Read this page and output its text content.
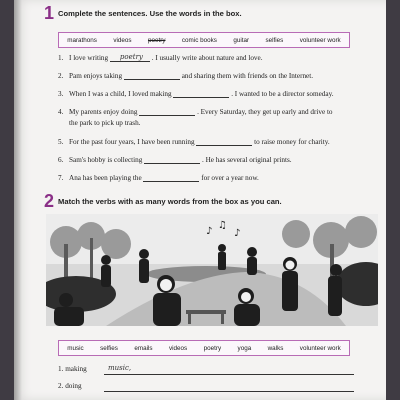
1 Complete the sentences. Use the words in the box.
marathons	videos	poetry	comic books	guitar	selfies	volunteer work
1. I love writing poetry . I usually write about nature and love.
2. Pam enjoys taking	and sharing them with friends on the Internet.
3. When I was a child, I loved making	. I wanted to be a director someday.
4. My parents enjoy doing	. Every Saturday, they get up early and drive to
the park to pick up trash.
5. For the past four years, I have been running	to raise money for charity.
6. Sam's hobby is collecting	. He has several original prints.
7. Ana has been playing the	for over a year now.
2 Match the verbs with as many words from the box as you can.
♪
♫
♪
music	selfies	emails	videos	poetry	yoga	walks	volunteer work
1. making	music,
2. doing
